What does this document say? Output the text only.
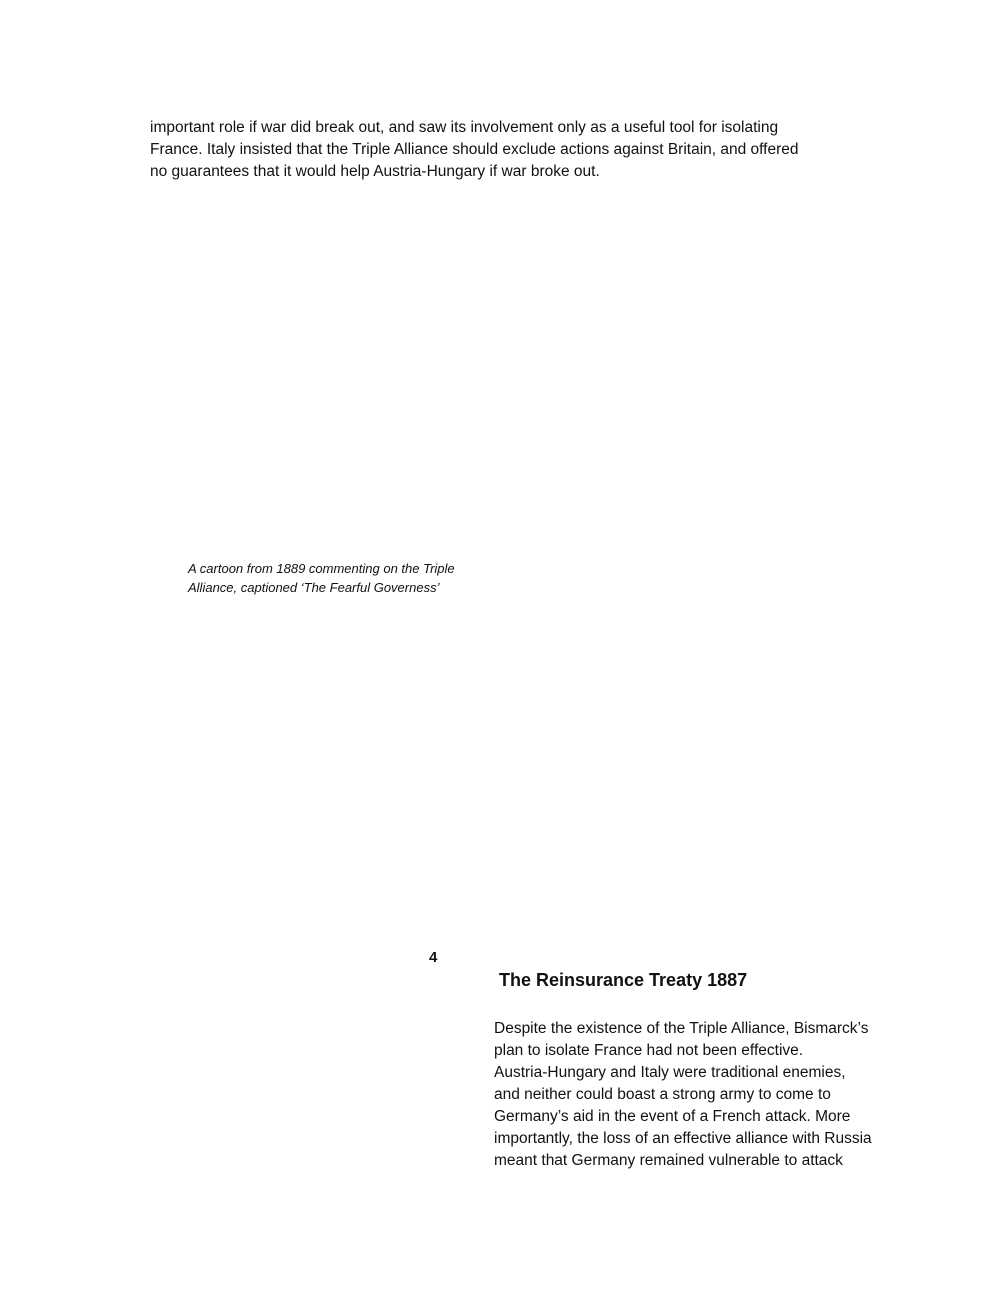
important role if war did break out, and saw its involvement only as a useful tool for isolating
France. Italy insisted that the Triple Alliance should exclude actions against Britain, and offered
no guarantees that it would help Austria-Hungary if war broke out.

A cartoon from 1889 commenting on the Triple
Alliance, captioned ‘The Fearful Governess’

4

The Reinsurance Treaty 1887

Despite the existence of the Triple Alliance, Bismarck’s
plan to isolate France had not been effective.
Austria-Hungary and Italy were traditional enemies,
and neither could boast a strong army to come to
Germany’s aid in the event of a French attack. More
importantly, the loss of an effective alliance with Russia
meant that Germany remained vulnerable to attack
